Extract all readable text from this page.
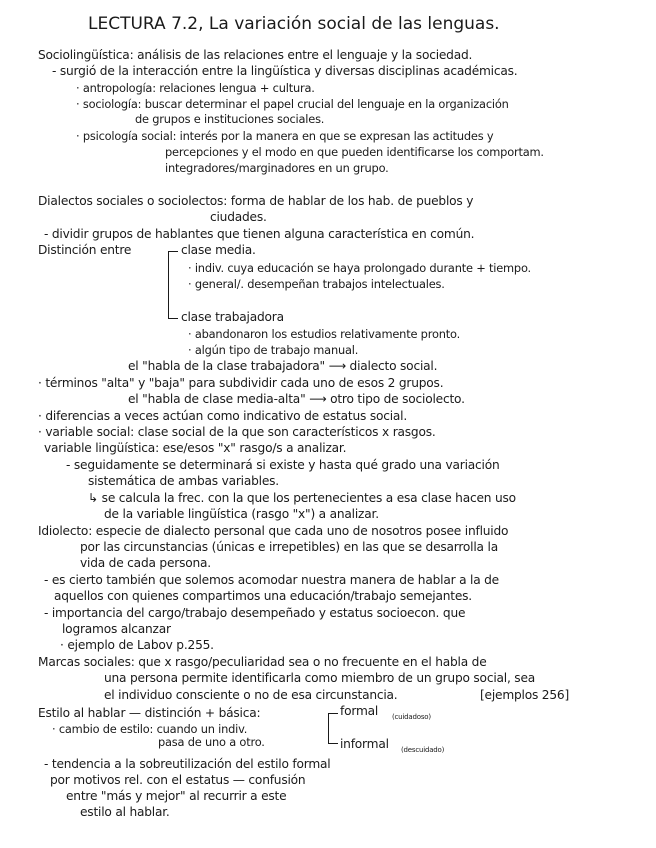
LECTURA 7.2, La variación social de las lenguas.
Sociolingüística: análisis de las relaciones entre el lenguaje y la sociedad.
- surgió de la interacción entre la lingüística y diversas disciplinas académicas.
· antropología: relaciones lengua + cultura.
· sociología: buscar determinar el papel crucial del lenguaje en la organización
de grupos e instituciones sociales.
· psicología social: interés por la manera en que se expresan las actitudes y
percepciones y el modo en que pueden identificarse los comportam.
integradores/marginadores en un grupo.
Dialectos sociales o sociolectos: forma de hablar de los hab. de pueblos y
ciudades.
- dividir grupos de hablantes que tienen alguna característica en común.
Distinción entre	clase media.
· indiv. cuya educación se haya prolongado durante + tiempo.
· general/. desempeñan trabajos intelectuales.
clase trabajadora
· abandonaron los estudios relativamente pronto.
· algún tipo de trabajo manual.
el "habla de la clase trabajadora" ⟶ dialecto social.
· términos "alta" y "baja" para subdividir cada uno de esos 2 grupos.
el "habla de clase media-alta" ⟶ otro tipo de sociolecto.
· diferencias a veces actúan como indicativo de estatus social.
· variable social: clase social de la que son característicos x rasgos.
variable lingüística: ese/esos "x" rasgo/s a analizar.
- seguidamente se determinará si existe y hasta qué grado una variación
sistemática de ambas variables.
↳ se calcula la frec. con la que los pertenecientes a esa clase hacen uso
de la variable lingüística (rasgo "x") a analizar.
Idiolecto: especie de dialecto personal que cada uno de nosotros posee influido
por las circunstancias (únicas e irrepetibles) en las que se desarrolla la
vida de cada persona.
- es cierto también que solemos acomodar nuestra manera de hablar a la de
aquellos con quienes compartimos una educación/trabajo semejantes.
- importancia del cargo/trabajo desempeñado y estatus socioecon. que
logramos alcanzar
· ejemplo de Labov p.255.
Marcas sociales: que x rasgo/peculiaridad sea o no frecuente en el habla de
una persona permite identificarla como miembro de un grupo social, sea
el individuo consciente o no de esa circunstancia.	[ejemplos 256]
Estilo al hablar — distinción + básica:	formal (cuidadoso)
· cambio de estilo: cuando un indiv.
pasa de uno a otro.	informal (descuidado)
- tendencia a la sobreutilización del estilo formal
por motivos rel. con el estatus — confusión
entre "más y mejor" al recurrir a este
estilo al hablar.
